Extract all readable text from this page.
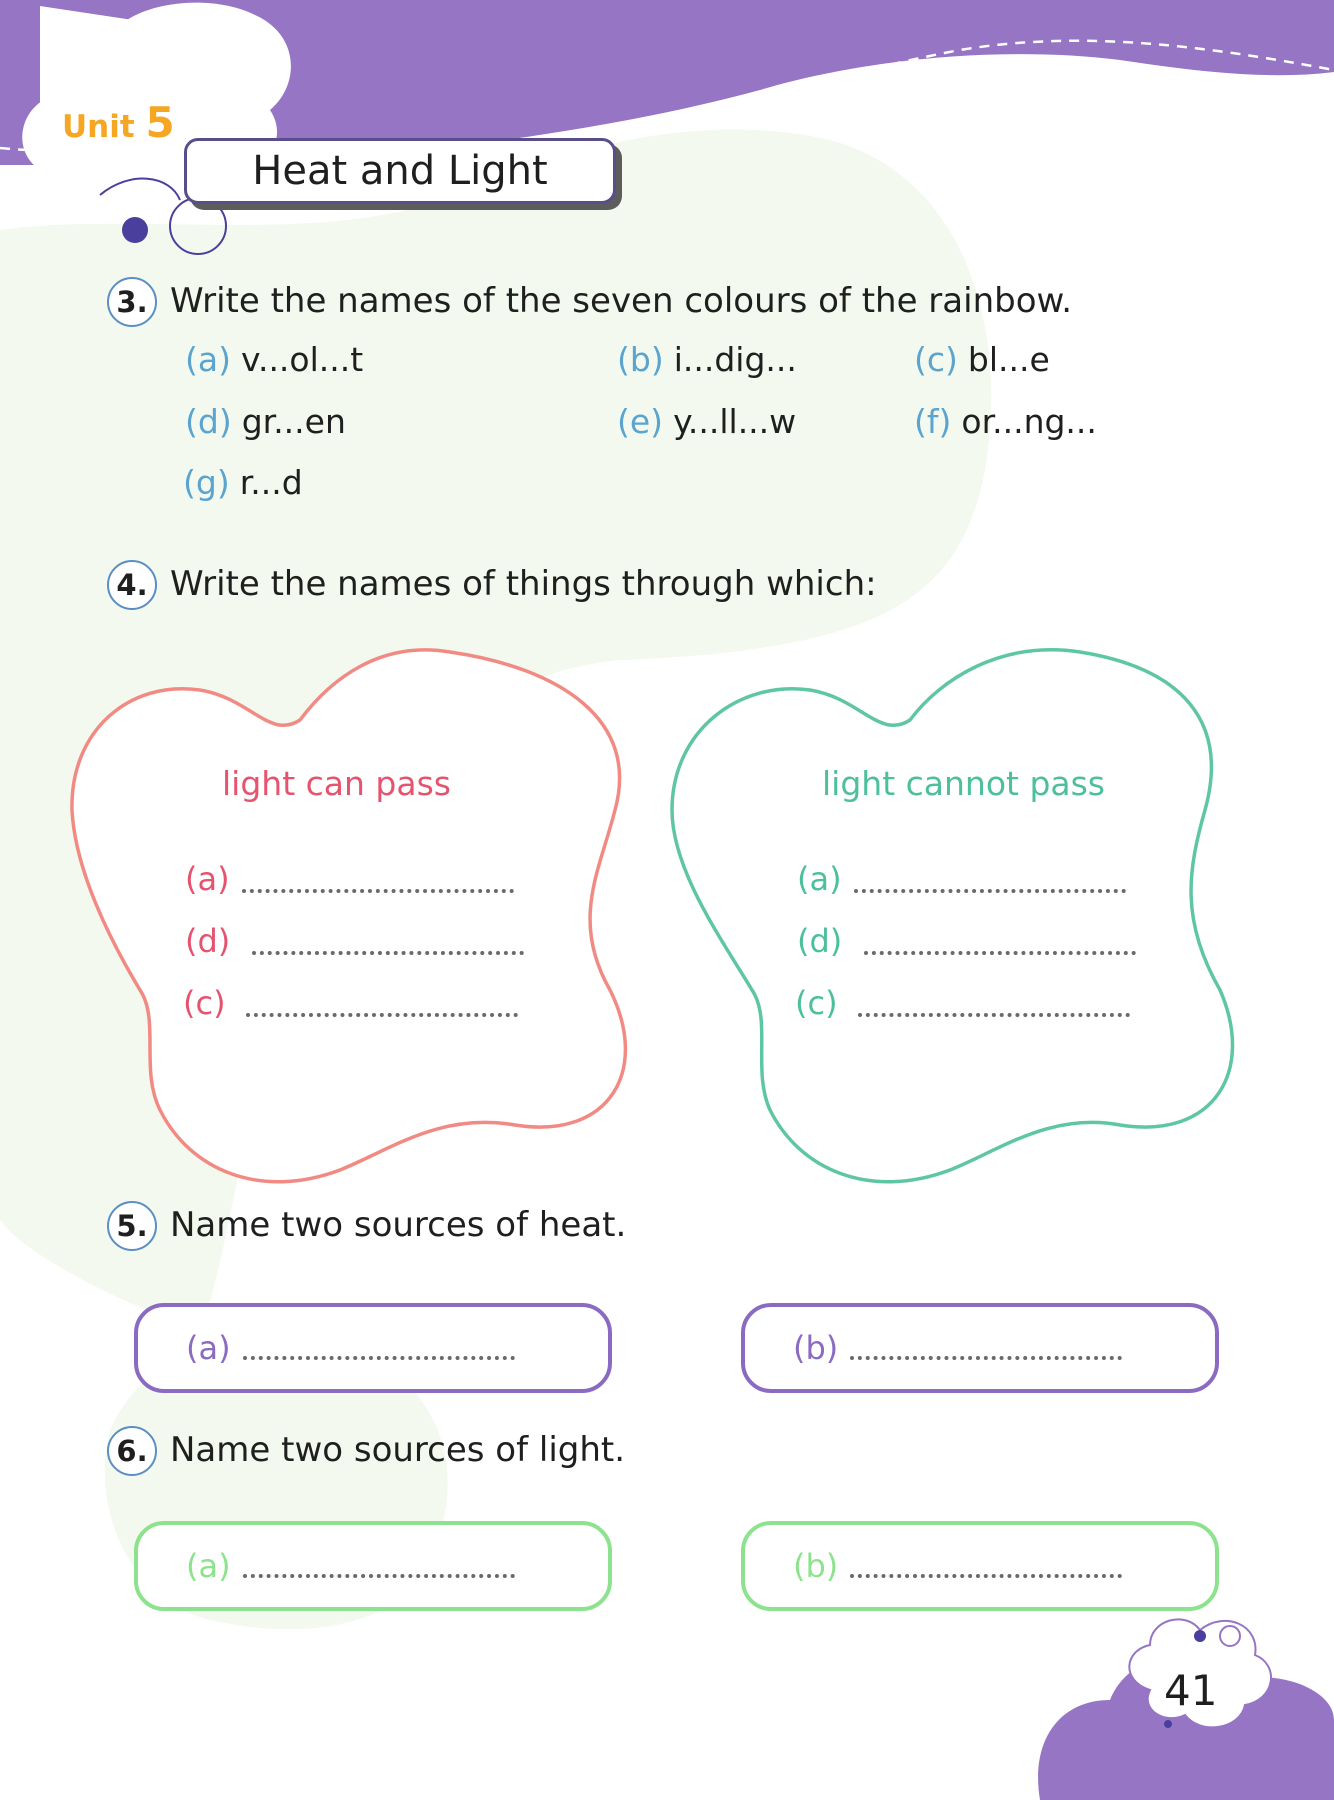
Unit 5
Heat and Light
3. Write the names of the seven colours of the rainbow.
(a) v...ol...t	(b) i...dig...	(c) bl...e
(d) gr...en	(e) y...ll...w	(f) or...ng...
(g) r...d
4. Write the names of things through which:
light can pass
(a)
(d)
(c)
light cannot pass
(a)
(d)
(c)
5. Name two sources of heat.
(a)	(b)
6. Name two sources of light.
(a)	(b)
41
